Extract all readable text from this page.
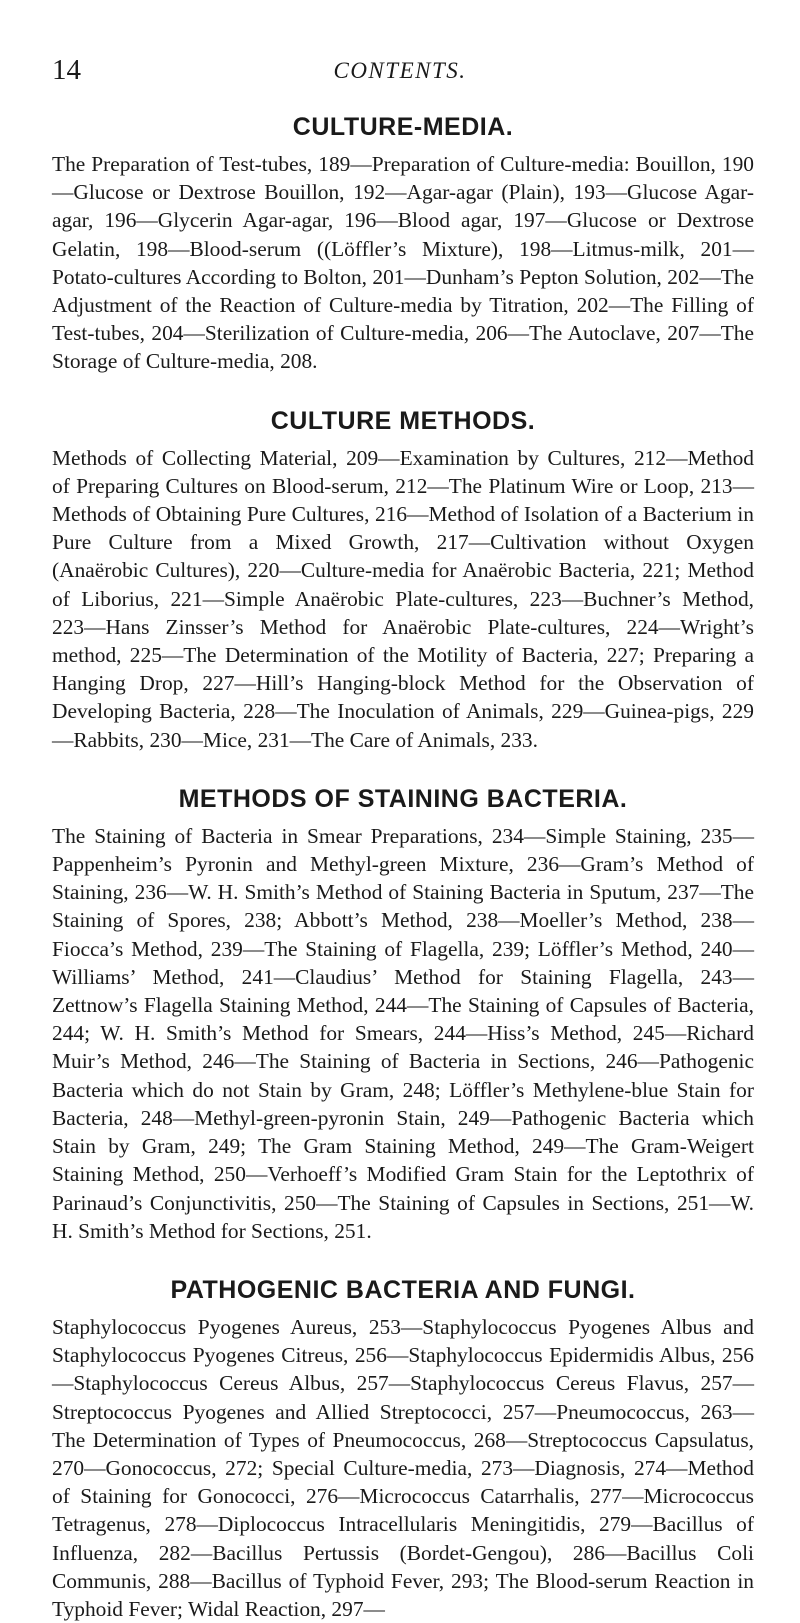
14	CONTENTS.
CULTURE-MEDIA.

The Preparation of Test-tubes, 189—Preparation of Culture-media: Bouillon, 190—Glucose or Dextrose Bouillon, 192—Agar-agar (Plain), 193—Glucose Agar-agar, 196—Glycerin Agar-agar, 196—Blood agar, 197—Glucose or Dextrose Gelatin, 198—Blood-serum ((Löffler’s Mixture), 198—Litmus-milk, 201—Potato-cultures According to Bolton, 201—Dunham’s Pepton Solution, 202—The Adjustment of the Reaction of Culture-media by Titration, 202—The Filling of Test-tubes, 204—Sterilization of Culture-media, 206—The Autoclave, 207—The Storage of Culture-media, 208.

CULTURE METHODS.

Methods of Collecting Material, 209—Examination by Cultures, 212—Method of Preparing Cultures on Blood-serum, 212—The Platinum Wire or Loop, 213—Methods of Obtaining Pure Cultures, 216—Method of Isolation of a Bacterium in Pure Culture from a Mixed Growth, 217—Cultivation without Oxygen (Anaërobic Cultures), 220—Culture-media for Anaërobic Bacteria, 221; Method of Liborius, 221—Simple Anaërobic Plate-cultures, 223—Buchner’s Method, 223—Hans Zinsser’s Method for Anaërobic Plate-cultures, 224—Wright’s method, 225—The Determination of the Motility of Bacteria, 227; Preparing a Hanging Drop, 227—Hill’s Hanging-block Method for the Observation of Developing Bacteria, 228—The Inoculation of Animals, 229—Guinea-pigs, 229—Rabbits, 230—Mice, 231—The Care of Animals, 233.

METHODS OF STAINING BACTERIA.

The Staining of Bacteria in Smear Preparations, 234—Simple Staining, 235—Pappenheim’s Pyronin and Methyl-green Mixture, 236—Gram’s Method of Staining, 236—W. H. Smith’s Method of Staining Bacteria in Sputum, 237—The Staining of Spores, 238; Abbott’s Method, 238—Moeller’s Method, 238—Fiocca’s Method, 239—The Staining of Flagella, 239; Löffler’s Method, 240—Williams’ Method, 241—Claudius’ Method for Staining Flagella, 243—Zettnow’s Flagella Staining Method, 244—The Staining of Capsules of Bacteria, 244; W. H. Smith’s Method for Smears, 244—Hiss’s Method, 245—Richard Muir’s Method, 246—The Staining of Bacteria in Sections, 246—Pathogenic Bacteria which do not Stain by Gram, 248; Löffler’s Methylene-blue Stain for Bacteria, 248—Methyl-green-pyronin Stain, 249—Pathogenic Bacteria which Stain by Gram, 249; The Gram Staining Method, 249—The Gram-Weigert Staining Method, 250—Verhoeff’s Modified Gram Stain for the Leptothrix of Parinaud’s Conjunctivitis, 250—The Staining of Capsules in Sections, 251—W. H. Smith’s Method for Sections, 251.

PATHOGENIC BACTERIA AND FUNGI.

Staphylococcus Pyogenes Aureus, 253—Staphylococcus Pyogenes Albus and Staphylococcus Pyogenes Citreus, 256—Staphylococcus Epidermidis Albus, 256—Staphylococcus Cereus Albus, 257—Staphylococcus Cereus Flavus, 257—Streptococcus Pyogenes and Allied Streptococci, 257—Pneumococcus, 263—The Determination of Types of Pneumococcus, 268—Streptococcus Capsulatus, 270—Gonococcus, 272; Special Culture-media, 273—Diagnosis, 274—Method of Staining for Gonococci, 276—Micrococcus Catarrhalis, 277—Micrococcus Tetragenus, 278—Diplococcus Intracellularis Meningitidis, 279—Bacillus of Influenza, 282—Bacillus Pertussis (Bordet-Gengou), 286—Bacillus Coli Communis, 288—Bacillus of Typhoid Fever, 293; The Blood-serum Reaction in Typhoid Fever; Widal Reaction, 297—
